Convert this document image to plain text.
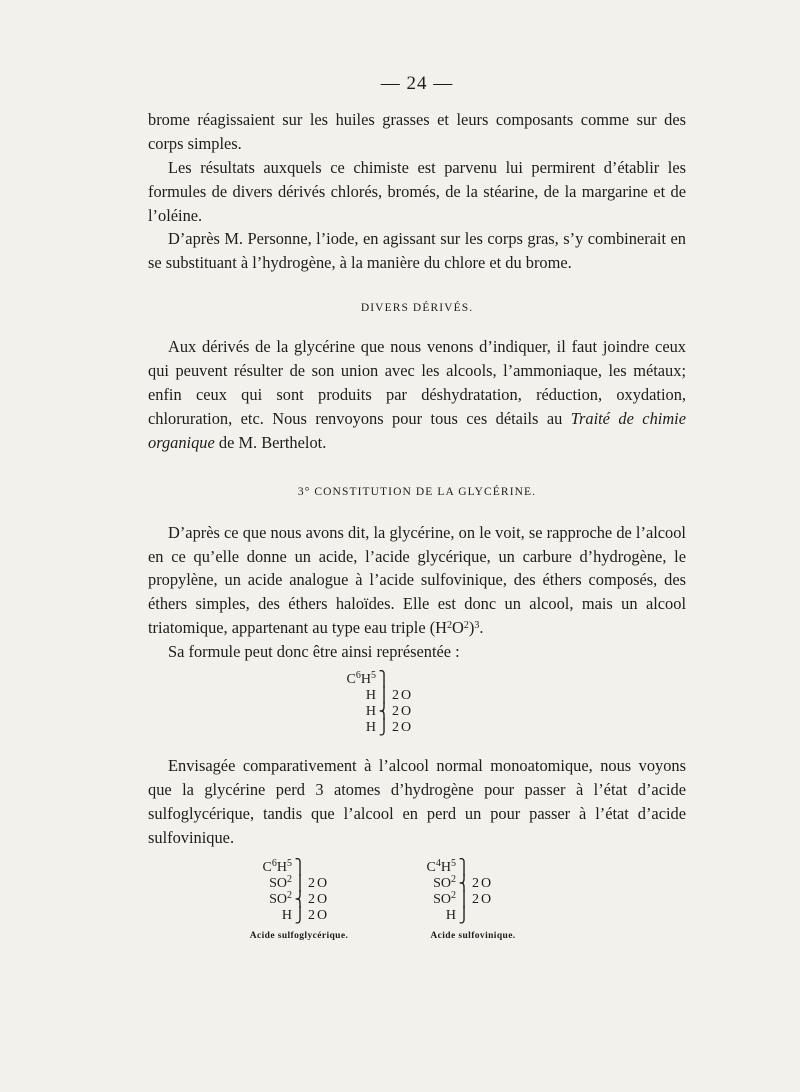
— 24 —

brome réagissaient sur les huiles grasses et leurs composants comme sur des corps simples.

Les résultats auxquels ce chimiste est parvenu lui permirent d’établir les formules de divers dérivés chlorés, bromés, de la stéarine, de la margarine et de l’oléine.

D’après M. Personne, l’iode, en agissant sur les corps gras, s’y combinerait en se substituant à l’hydrogène, à la manière du chlore et du brome.

DIVERS DÉRIVÉS.

Aux dérivés de la glycérine que nous venons d’indiquer, il faut joindre ceux qui peuvent résulter de son union avec les alcools, l’ammoniaque, les métaux; enfin ceux qui sont produits par déshydratation, réduction, oxydation, chloruration, etc. Nous renvoyons pour tous ces détails au Traité de chimie organique de M. Berthelot.

3° CONSTITUTION DE LA GLYCÉRINE.

D’après ce que nous avons dit, la glycérine, on le voit, se rapproche de l’alcool en ce qu’elle donne un acide, l’acide glycérique, un carbure d’hydrogène, le propylène, un acide analogue à l’acide sulfovinique, des éthers composés, des éthers simples, des éthers haloïdes. Elle est donc un alcool, mais un alcool triatomique, appartenant au type eau triple $(H^2O^2)^3$.

Sa formule peut donc être ainsi représentée :

$C^6H^5$ ⎫
H ⎪ 2O
H ⎨ 2O
H ⎭ 2O

Envisagée comparativement à l’alcool normal monoatomique, nous voyons que la glycérine perd 3 atomes d’hydrogène pour passer à l’état d’acide sulfoglycérique, tandis que l’alcool en perd un pour passer à l’état d’acide sulfovinique.

$C^6H^5$ ⎫
$SO^2$ ⎪ 2O
$SO^2$ ⎨ 2O
H ⎭ 2O
Acide sulfoglycérique.
$C^4H^5$ ⎫
$SO^2$ ⎨ 2O
$SO^2$ ⎪ 2O
H ⎭
Acide sulfovinique.
